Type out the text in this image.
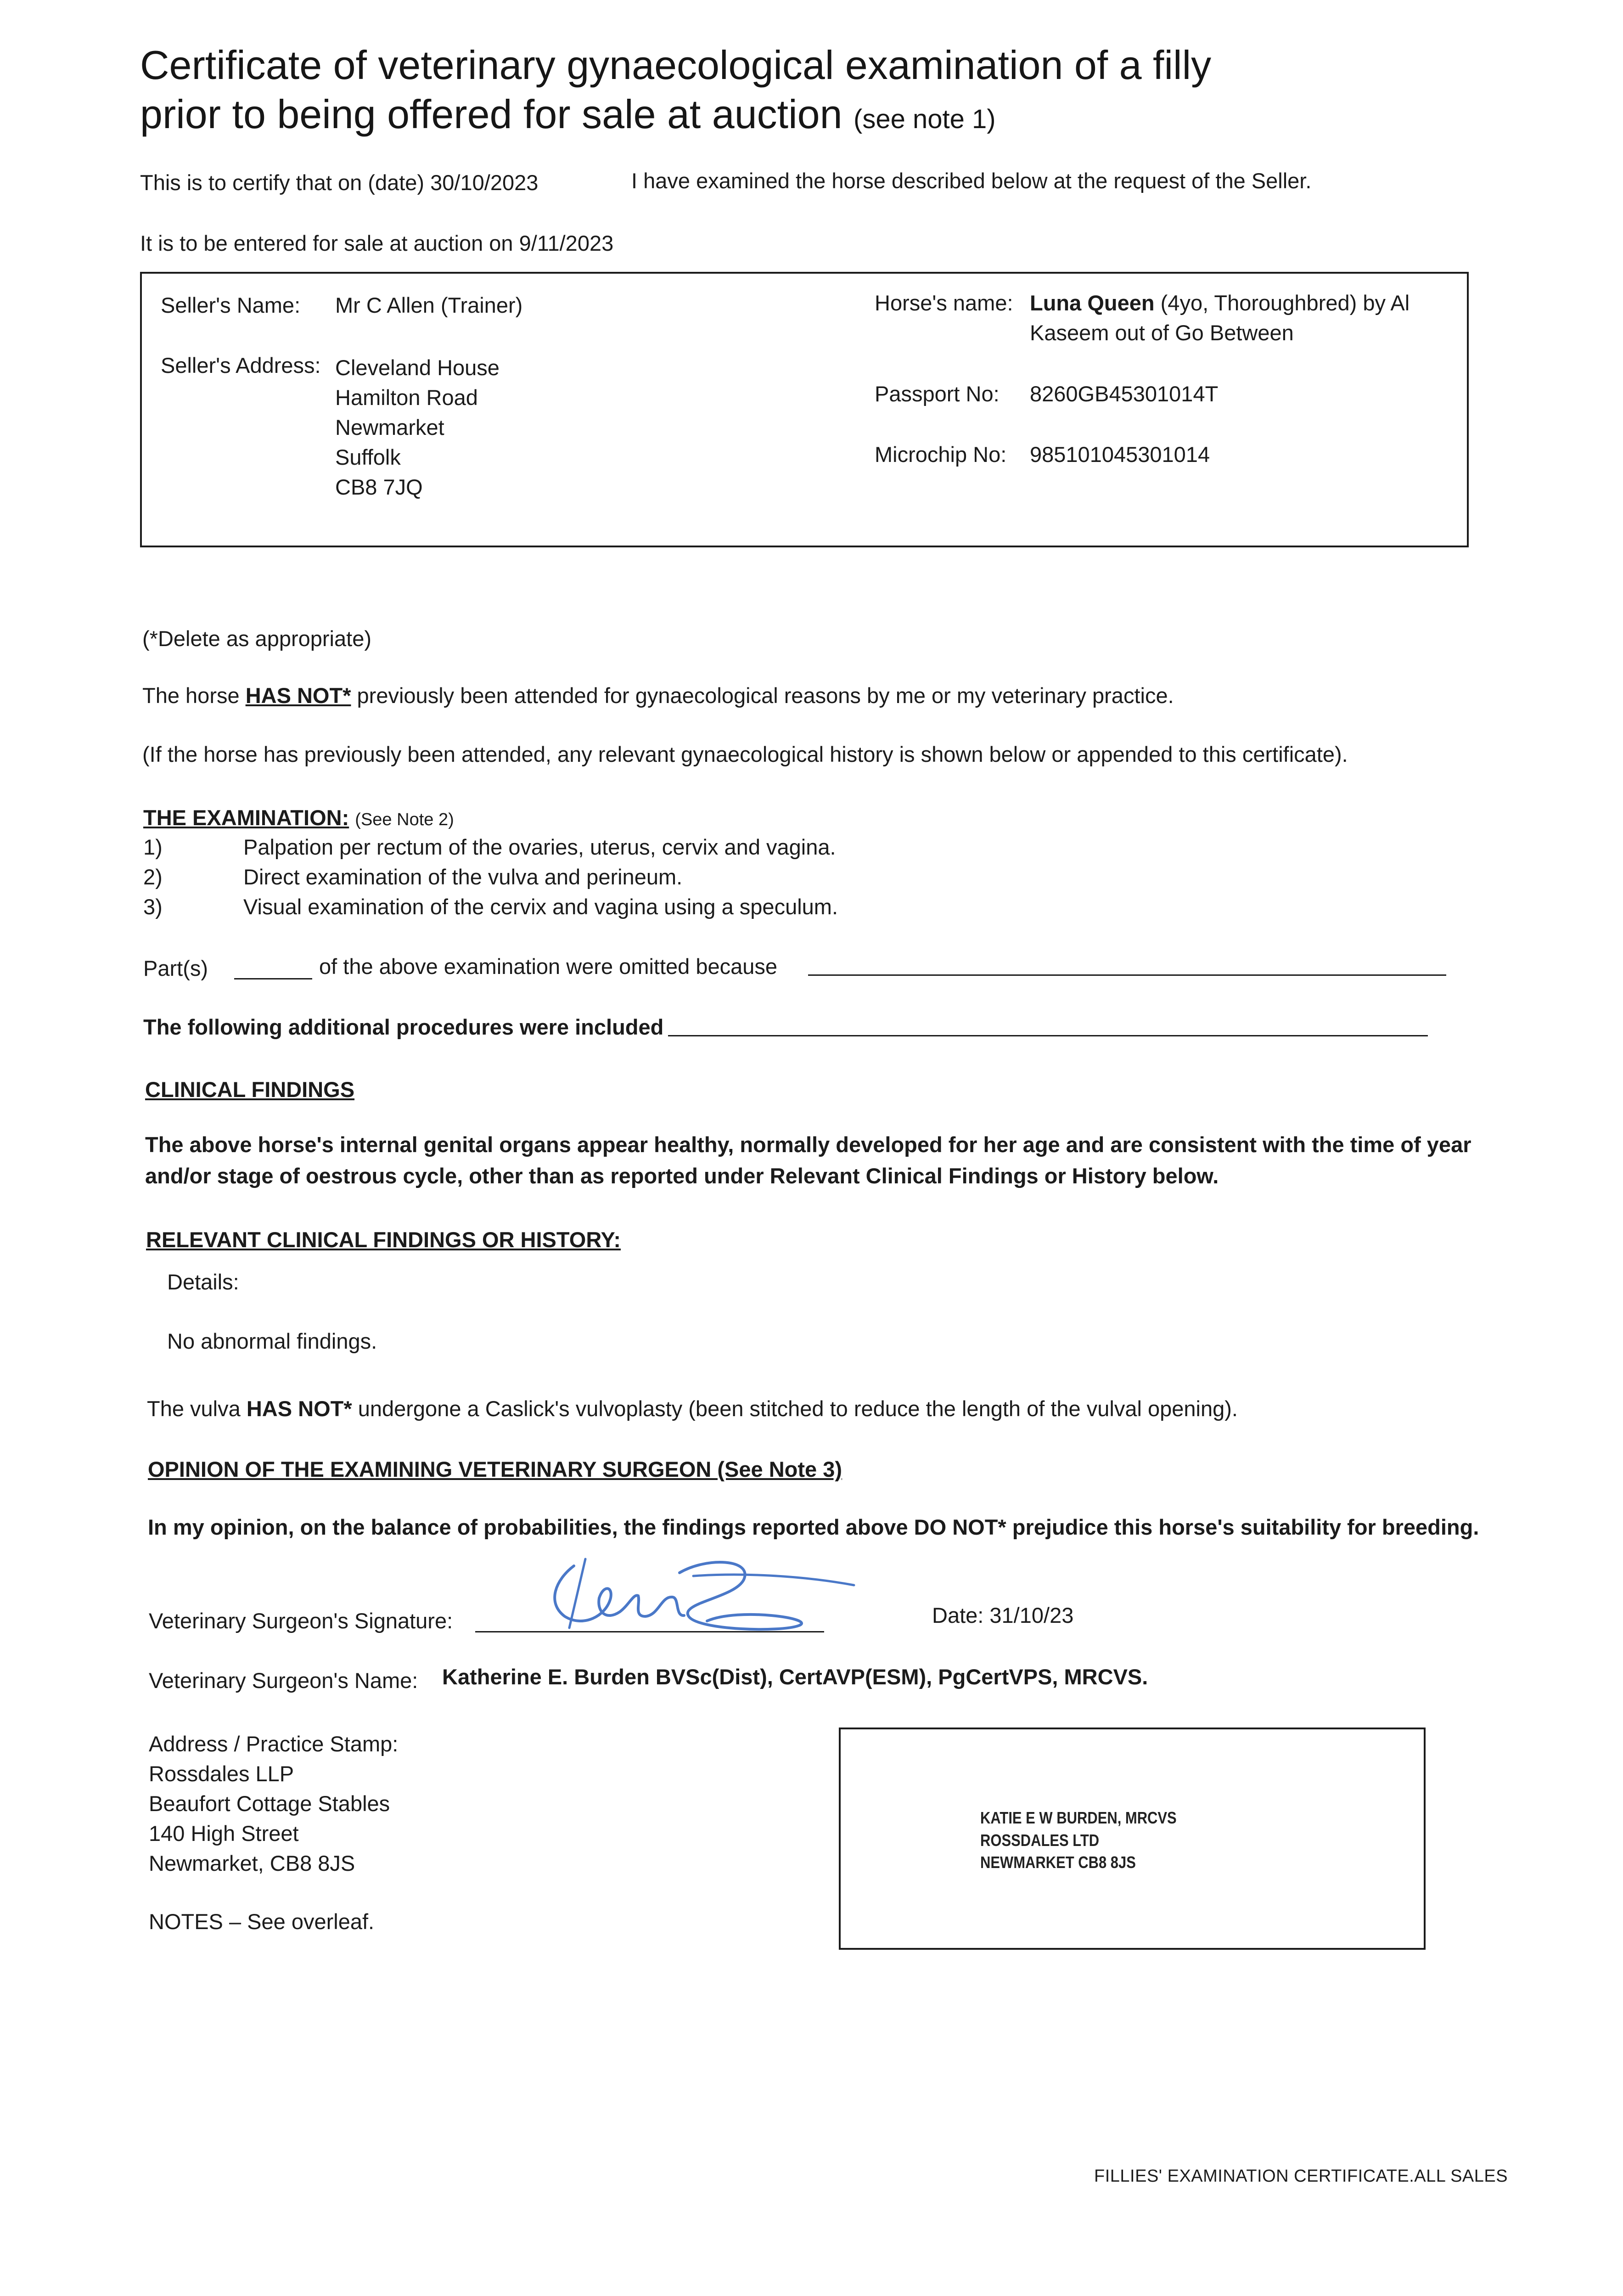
Certificate of veterinary gynaecological examination of a filly
prior to being offered for sale at auction (see note 1)
This is to certify that on (date) 30/10/2023	I have examined the horse described below at the request of the Seller.
It is to be entered for sale at auction on 9/11/2023
Seller's Name: Mr C Allen (Trainer)
Seller's Address: Cleveland House
Hamilton Road
Newmarket
Suffolk
CB8 7JQ
Horse's name: Luna Queen (4yo, Thoroughbred) by Al
Kaseem out of Go Between
Passport No: 8260GB45301014T
Microchip No: 985101045301014
(*Delete as appropriate)
The horse HAS NOT* previously been attended for gynaecological reasons by me or my veterinary practice.
(If the horse has previously been attended, any relevant gynaecological history is shown below or appended to this certificate).
THE EXAMINATION: (See Note 2)
1)	Palpation per rectum of the ovaries, uterus, cervix and vagina.
2)	Direct examination of the vulva and perineum.
3)	Visual examination of the cervix and vagina using a speculum.
Part(s)	of the above examination were omitted because
The following additional procedures were included
CLINICAL FINDINGS
The above horse's internal genital organs appear healthy, normally developed for her age and are consistent with the time of year
and/or stage of oestrous cycle, other than as reported under Relevant Clinical Findings or History below.
RELEVANT CLINICAL FINDINGS OR HISTORY:
Details:
No abnormal findings.
The vulva HAS NOT* undergone a Caslick's vulvoplasty (been stitched to reduce the length of the vulval opening).
OPINION OF THE EXAMINING VETERINARY SURGEON (See Note 3)
In my opinion, on the balance of probabilities, the findings reported above DO NOT* prejudice this horse's suitability for breeding.
Veterinary Surgeon's Signature:	Date: 31/10/23
Veterinary Surgeon's Name: Katherine E. Burden BVSc(Dist), CertAVP(ESM), PgCertVPS, MRCVS.
Address / Practice Stamp:
Rossdales LLP
Beaufort Cottage Stables
140 High Street
Newmarket, CB8 8JS
KATIE E W BURDEN, MRCVS
ROSSDALES LTD
NEWMARKET CB8 8JS
NOTES – See overleaf.
FILLIES' EXAMINATION CERTIFICATE.ALL SALES
